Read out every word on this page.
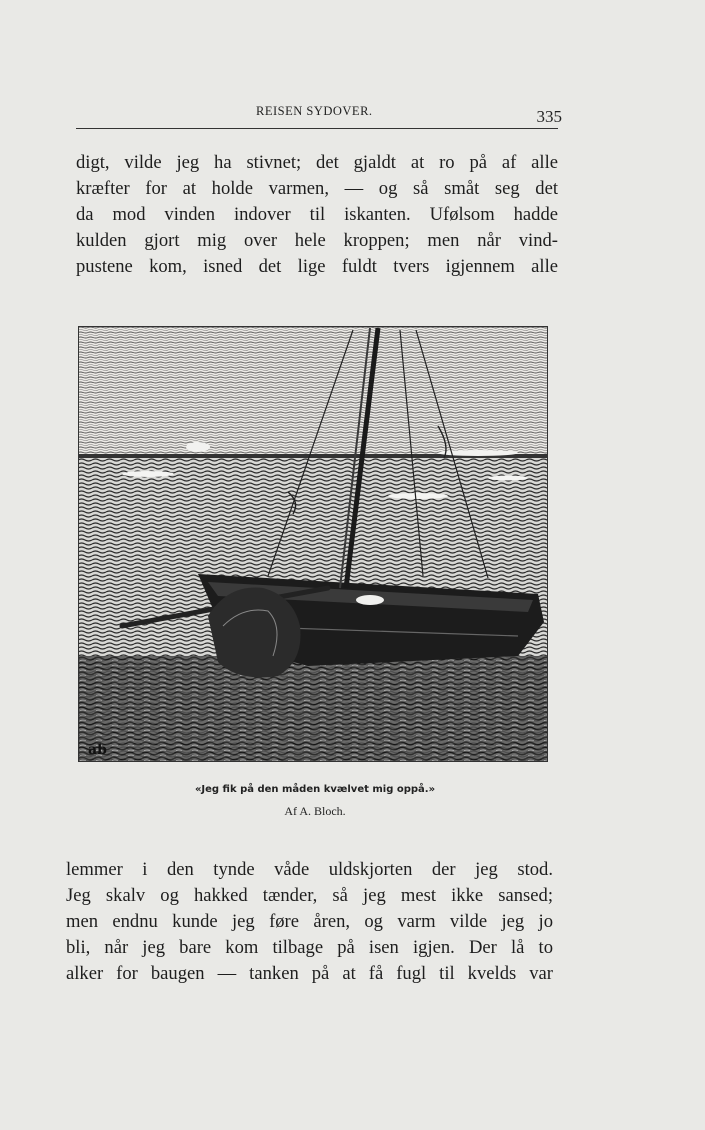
REISEN SYDOVER.	335
digt, vilde jeg ha stivnet; det gjaldt at ro på af alle
kræfter for at holde varmen, — og så småt seg det
da mod vinden indover til iskanten. Ufølsom hadde
kulden gjort mig over hele kroppen; men når vind-
pustene kom, isned det lige fuldt tvers igjennem alle
ab
«Jeg fik på den måden kvælvet mig oppå.»
Af A. Bloch.
lemmer i den tynde våde uldskjorten der jeg stod.
Jeg skalv og hakked tænder, så jeg mest ikke sansed;
men endnu kunde jeg føre åren, og varm vilde jeg jo
bli, når jeg bare kom tilbage på isen igjen. Der lå to
alker for baugen — tanken på at få fugl til kvelds var
